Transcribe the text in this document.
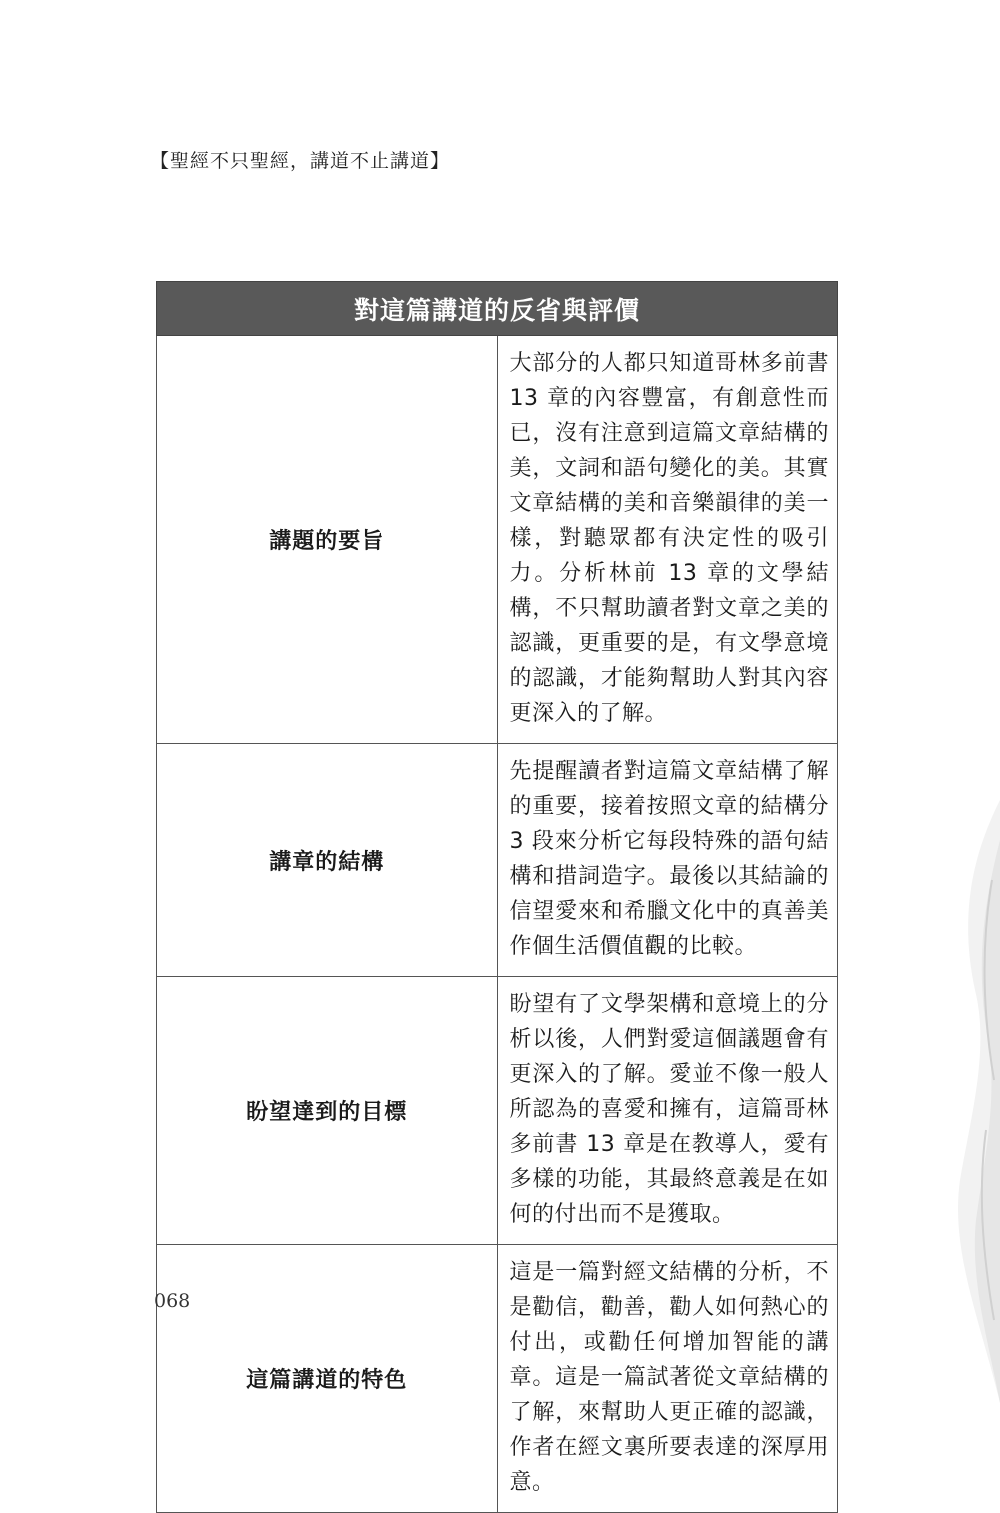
【聖經不只聖經，講道不止講道】
對這篇講道的反省與評價	
講題的要旨	大部分的人都只知道哥林多前書 13 章的內容豐富，有創意性而已，沒有注意到這篇文章結構的美，文詞和語句變化的美。其實文章結構的美和音樂韻律的美一樣，對聽眾都有決定性的吸引力。分析林前 13 章的文學結構，不只幫助讀者對文章之美的認識，更重要的是，有文學意境的認識，才能夠幫助人對其內容更深入的了解。
講章的結構	先提醒讀者對這篇文章結構了解的重要，接着按照文章的結構分 3 段來分析它每段特殊的語句結構和措詞造字。最後以其結論的信望愛來和希臘文化中的真善美作個生活價值觀的比較。
盼望達到的目標	盼望有了文學架構和意境上的分析以後，人們對愛這個議題會有更深入的了解。愛並不像一般人所認為的喜愛和擁有，這篇哥林多前書 13 章是在教導人，愛有多樣的功能，其最終意義是在如何的付出而不是獲取。
這篇講道的特色	這是一篇對經文結構的分析，不是勸信，勸善，勸人如何熱心的付出，或勸任何增加智能的講章。這是一篇試著從文章結構的了解，來幫助人更正確的認識，作者在經文裏所要表達的深厚用意。
068
